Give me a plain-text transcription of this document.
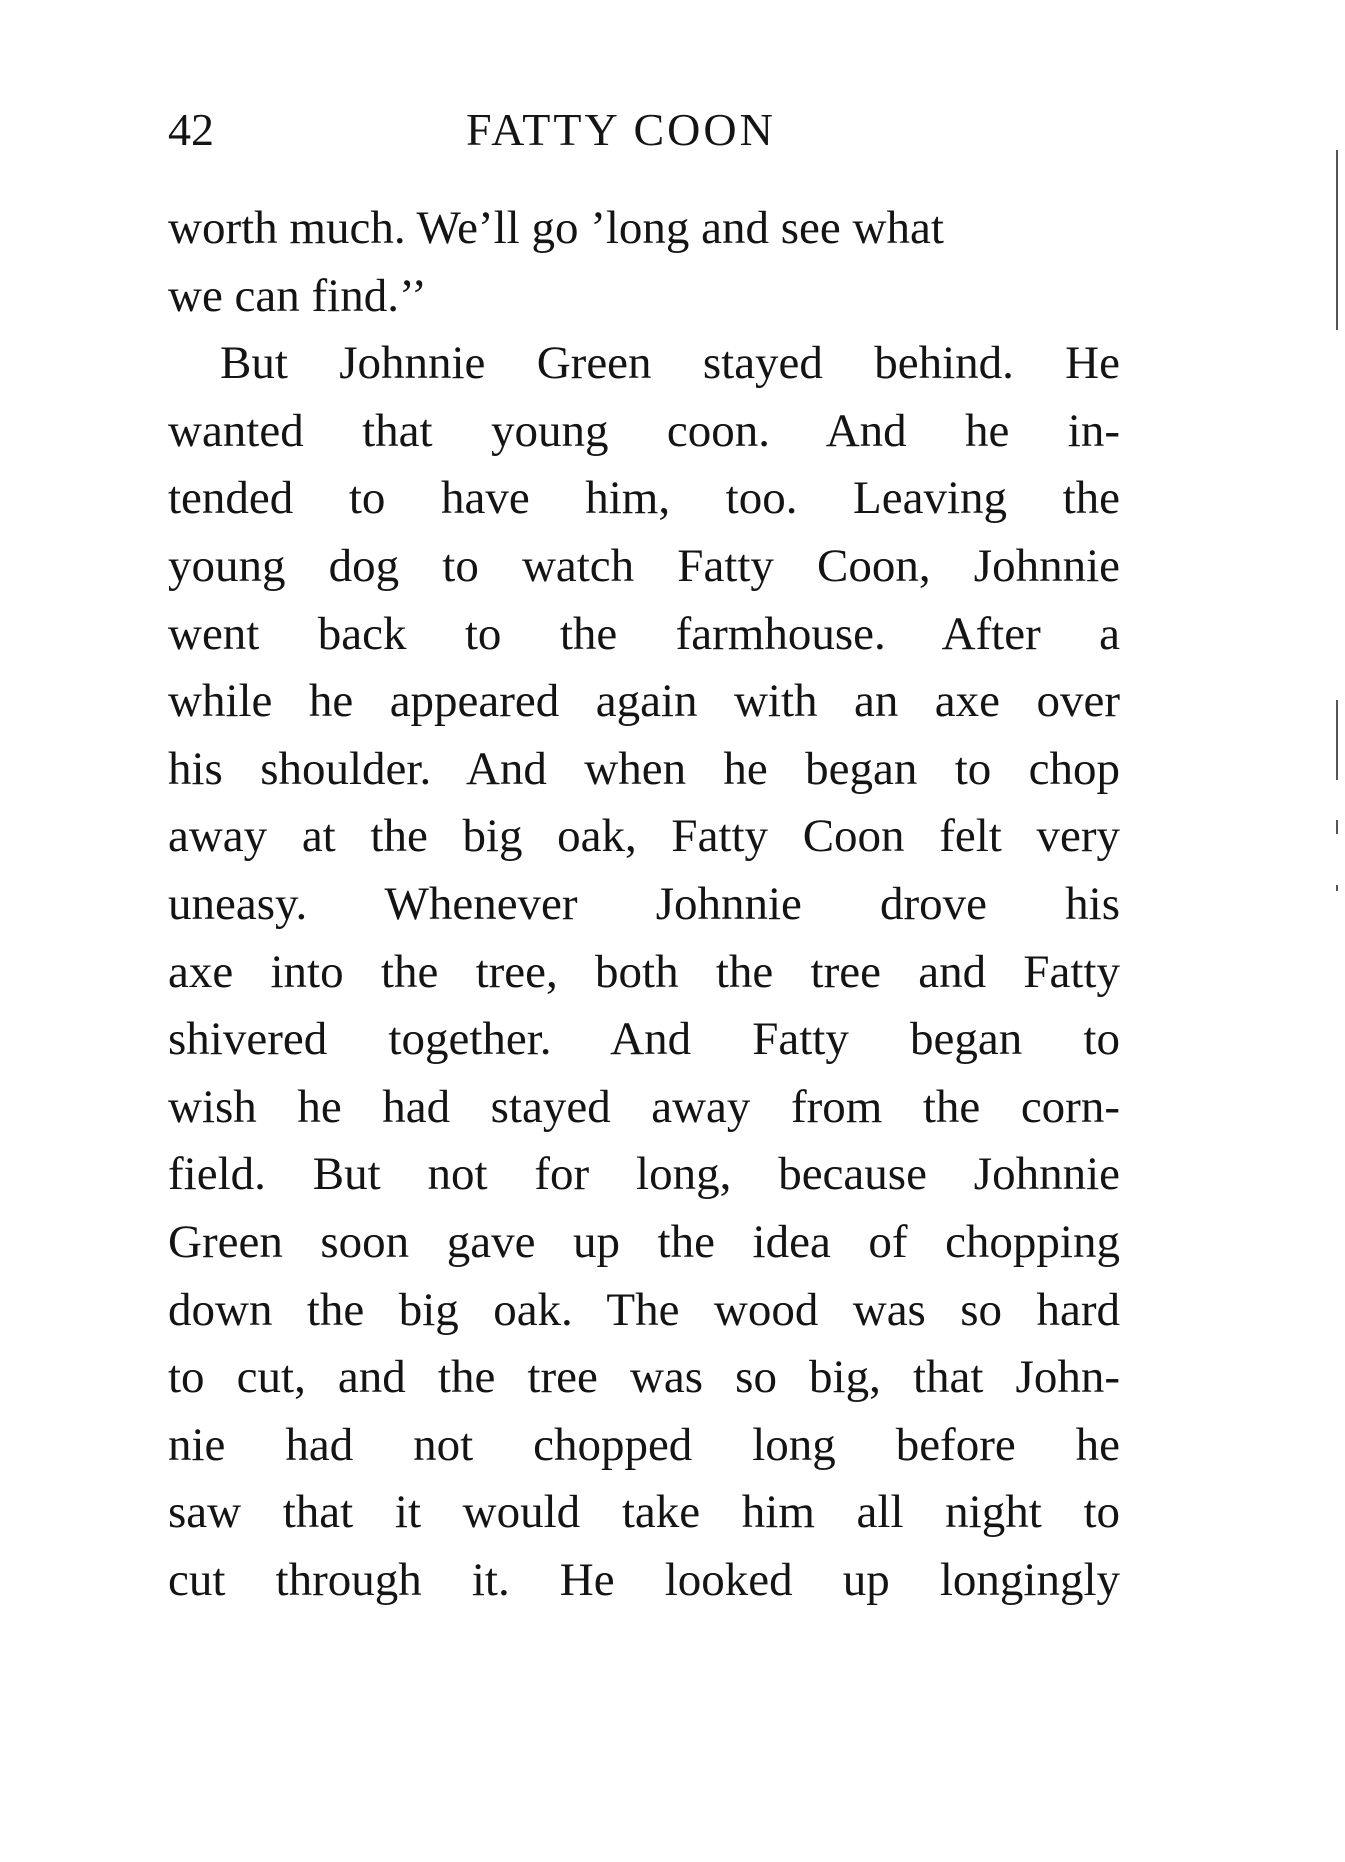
42	FATTY COON
worth much. We’ll go ’long and see what
we can find.’’
But Johnnie Green stayed behind. He
wanted that young coon. And he in-
tended to have him, too. Leaving the
young dog to watch Fatty Coon, Johnnie
went back to the farmhouse. After a
while he appeared again with an axe over
his shoulder. And when he began to chop
away at the big oak, Fatty Coon felt very
uneasy. Whenever Johnnie drove his
axe into the tree, both the tree and Fatty
shivered together. And Fatty began to
wish he had stayed away from the corn-
field. But not for long, because Johnnie
Green soon gave up the idea of chopping
down the big oak. The wood was so hard
to cut, and the tree was so big, that John-
nie had not chopped long before he
saw that it would take him all night to
cut through it. He looked up longingly
